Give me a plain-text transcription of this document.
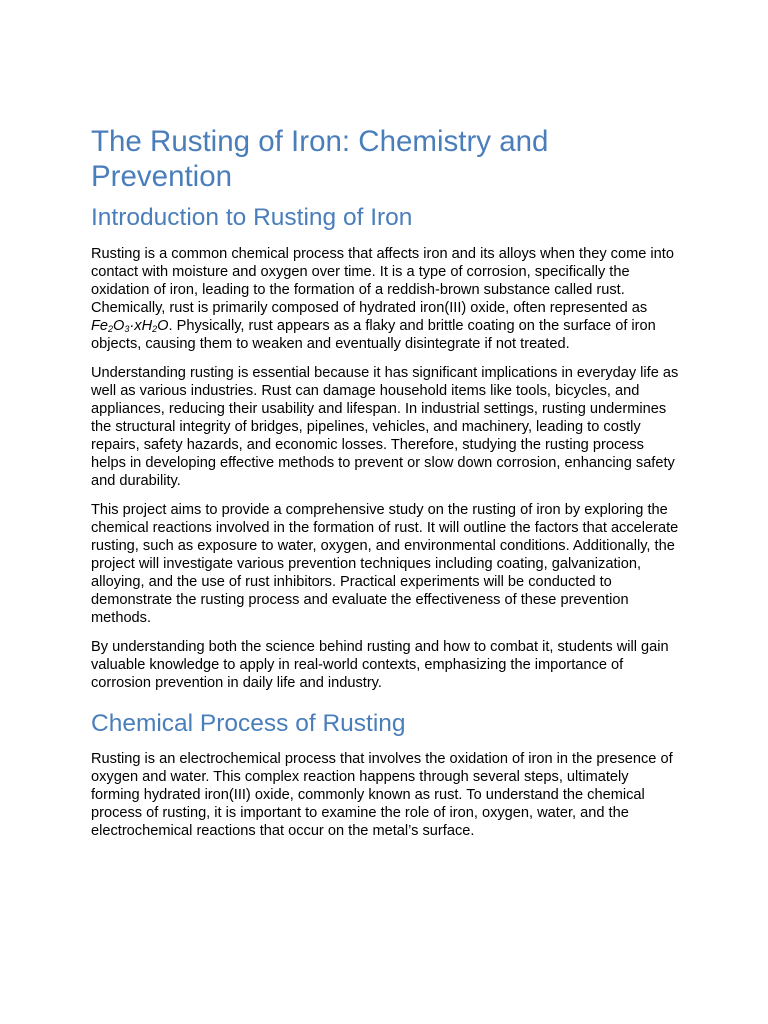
The Rusting of Iron: Chemistry and Prevention
Introduction to Rusting of Iron

Rusting is a common chemical process that affects iron and its alloys when they come into contact with moisture and oxygen over time. It is a type of corrosion, specifically the oxidation of iron, leading to the formation of a reddish-brown substance called rust. Chemically, rust is primarily composed of hydrated iron(III) oxide, often represented as $Fe_2O_3\cdot xH_2O$. Physically, rust appears as a flaky and brittle coating on the surface of iron objects, causing them to weaken and eventually disintegrate if not treated.

Understanding rusting is essential because it has significant implications in everyday life as well as various industries. Rust can damage household items like tools, bicycles, and appliances, reducing their usability and lifespan. In industrial settings, rusting undermines the structural integrity of bridges, pipelines, vehicles, and machinery, leading to costly repairs, safety hazards, and economic losses. Therefore, studying the rusting process helps in developing effective methods to prevent or slow down corrosion, enhancing safety and durability.

This project aims to provide a comprehensive study on the rusting of iron by exploring the chemical reactions involved in the formation of rust. It will outline the factors that accelerate rusting, such as exposure to water, oxygen, and environmental conditions. Additionally, the project will investigate various prevention techniques including coating, galvanization, alloying, and the use of rust inhibitors. Practical experiments will be conducted to demonstrate the rusting process and evaluate the effectiveness of these prevention methods.

By understanding both the science behind rusting and how to combat it, students will gain valuable knowledge to apply in real-world contexts, emphasizing the importance of corrosion prevention in daily life and industry.

Chemical Process of Rusting

Rusting is an electrochemical process that involves the oxidation of iron in the presence of oxygen and water. This complex reaction happens through several steps, ultimately forming hydrated iron(III) oxide, commonly known as rust. To understand the chemical process of rusting, it is important to examine the role of iron, oxygen, water, and the electrochemical reactions that occur on the metal’s surface.
